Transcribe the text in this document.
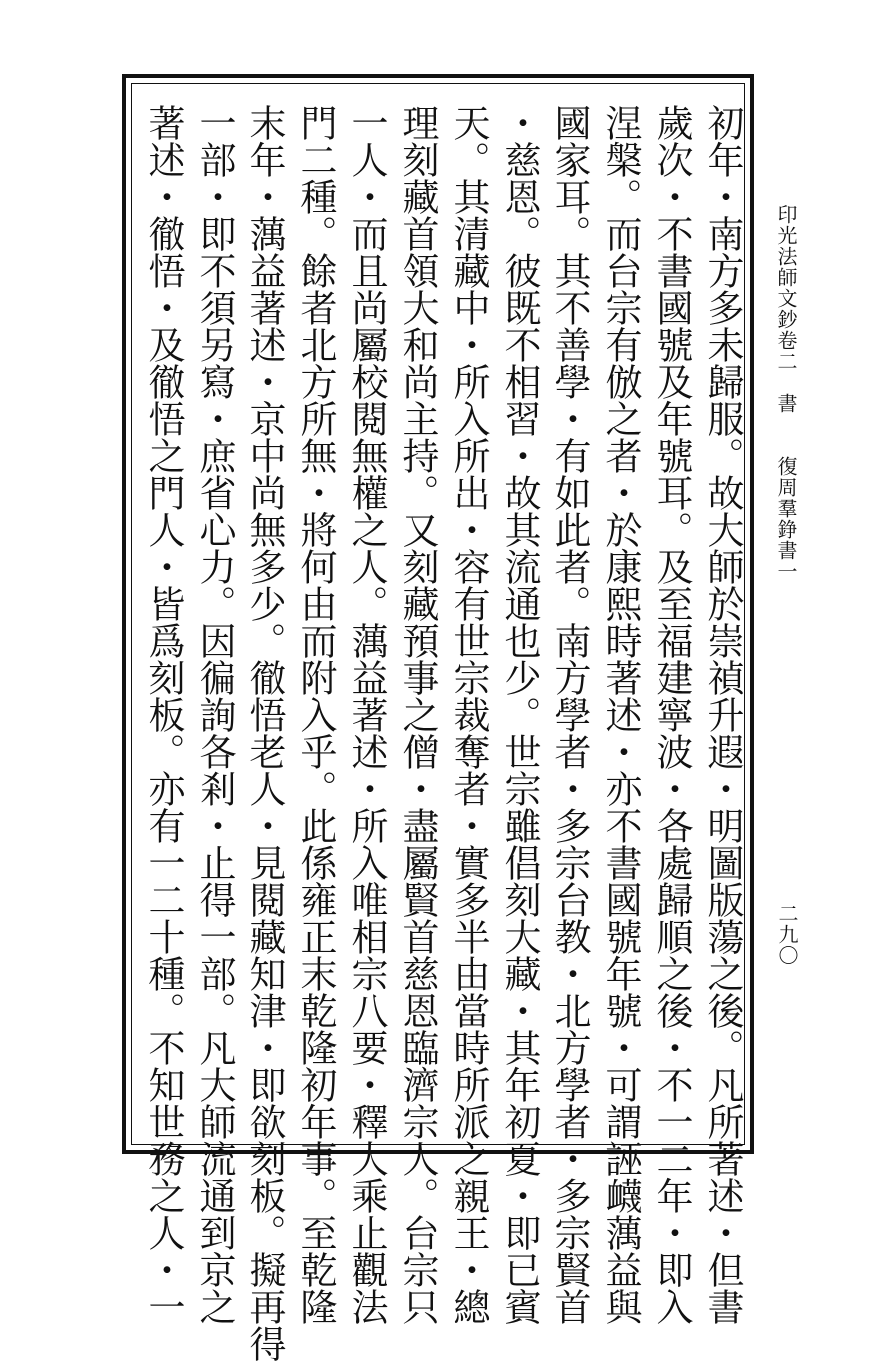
印光法師文鈔卷二　書　　復周羣錚書一
二九〇
初年・南方多未歸服。故大師於崇禎升遐・明圖版蕩之後。凡所著述・但書
歲次・不書國號及年號耳。及至福建寧波・各處歸順之後・不一二年・即入
涅槃。而台宗有倣之者・於康熙時著述・亦不書國號年號・可謂誣衊蕅益與
國家耳。其不善學・有如此者。南方學者・多宗台教・北方學者・多宗賢首
・慈恩。彼既不相習・故其流通也少。世宗雖倡刻大藏・其年初夏・即已賓
天。其清藏中・所入所出・容有世宗裁奪者・實多半由當時所派之親王・總
理刻藏首領大和尚主持。又刻藏預事之僧・盡屬賢首慈恩臨濟宗人。台宗只
一人・而且尚屬校閱無權之人。蕅益著述・所入唯相宗八要・釋大乘止觀法
門二種。餘者北方所無・將何由而附入乎。此係雍正末乾隆初年事。至乾隆
末年・蕅益著述・京中尚無多少。徹悟老人・見閱藏知津・即欲刻板。擬再得
一部・即不須另寫・庶省心力。因徧詢各剎・止得一部。凡大師流通到京之
著述・徹悟・及徹悟之門人・皆爲刻板。亦有一二十種。不知世務之人・一
